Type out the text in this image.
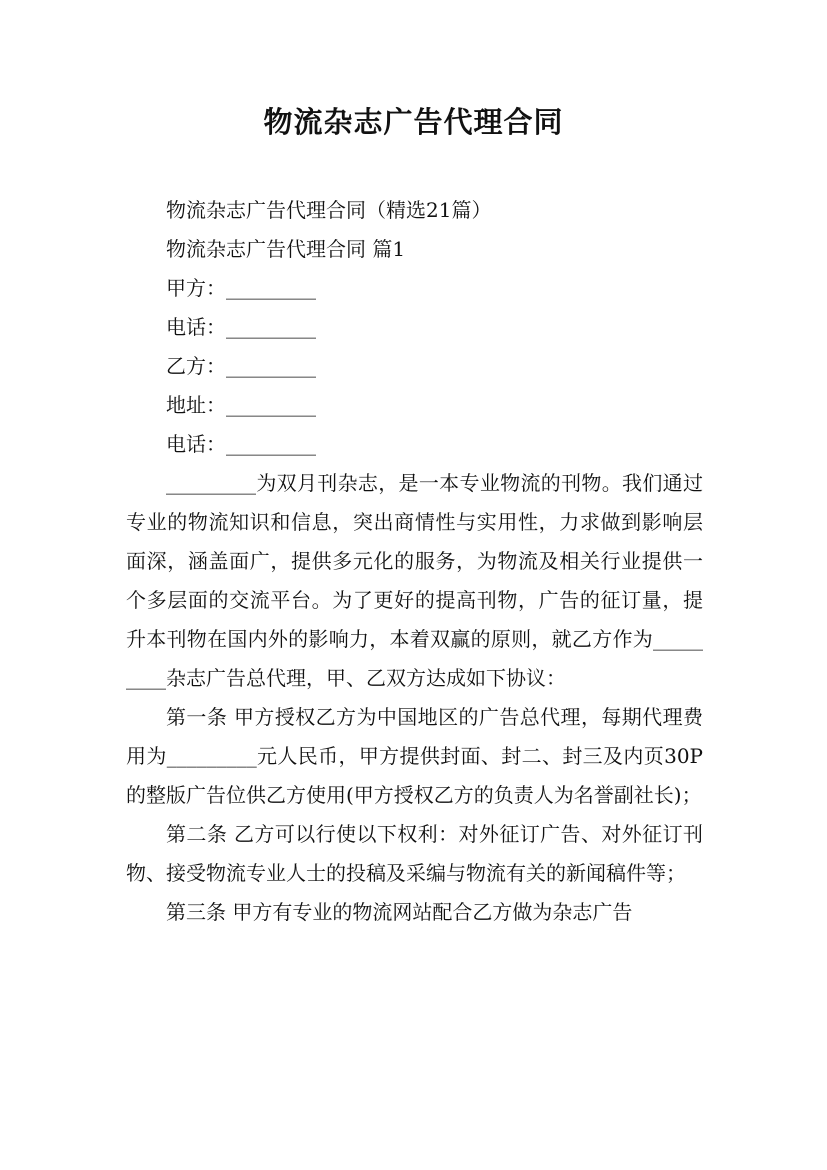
物流杂志广告代理合同

物流杂志广告代理合同（精选21篇）

物流杂志广告代理合同 篇1

甲方：_________

电话：_________

乙方：_________

地址：_________

电话：_________

_________为双月刊杂志，是一本专业物流的刊物。我们通过专业的物流知识和信息，突出商情性与实用性，力求做到影响层面深，涵盖面广，提供多元化的服务，为物流及相关行业提供一个多层面的交流平台。为了更好的提高刊物，广告的征订量，提升本刊物在国内外的影响力，本着双赢的原则，就乙方作为_________杂志广告总代理，甲、乙双方达成如下协议：

第一条 甲方授权乙方为中国地区的广告总代理，每期代理费用为_________元人民币，甲方提供封面、封二、封三及内页30P的整版广告位供乙方使用(甲方授权乙方的负责人为名誉副社长)；

第二条 乙方可以行使以下权利：对外征订广告、对外征订刊物、接受物流专业人士的投稿及采编与物流有关的新闻稿件等；

第三条 甲方有专业的物流网站配合乙方做为杂志广告
